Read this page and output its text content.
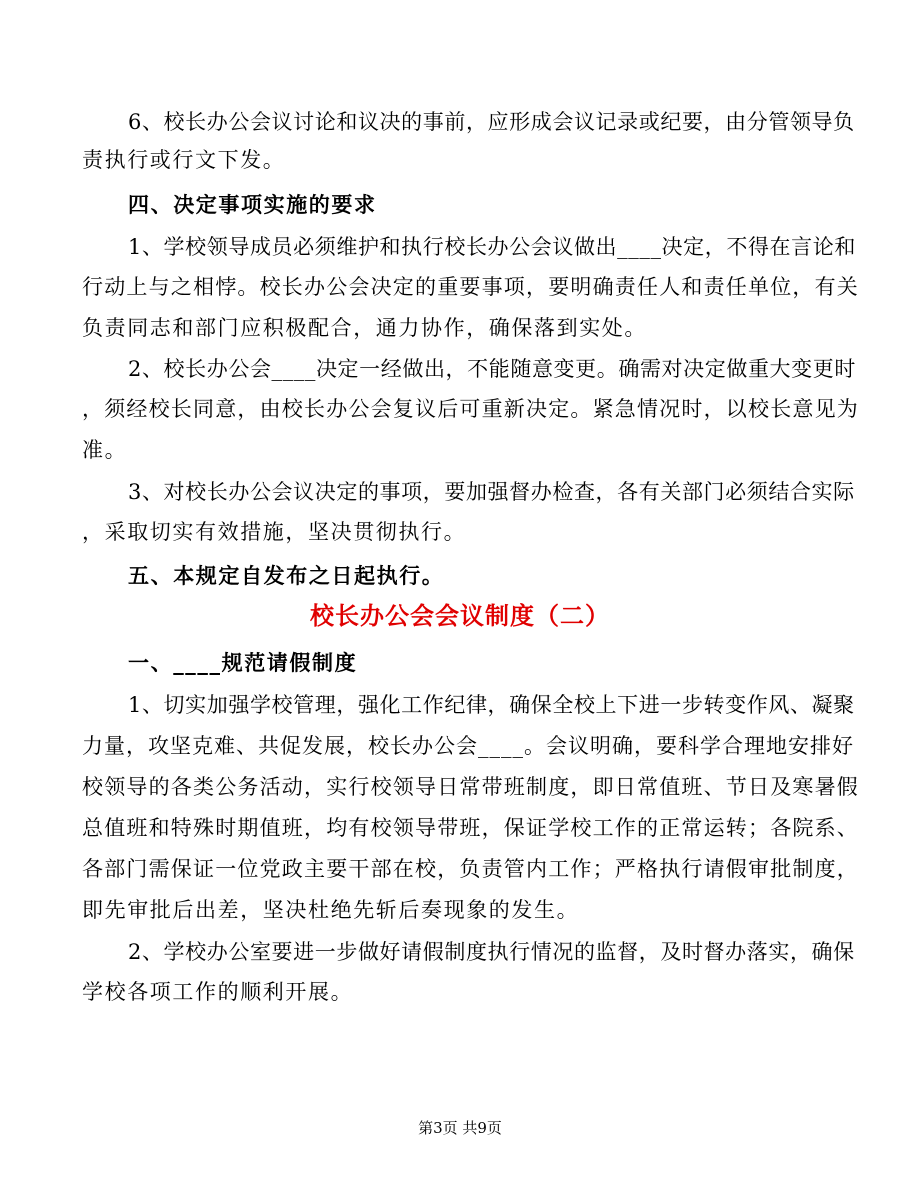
6、校长办公会议讨论和议决的事前，应形成会议记录或纪要，由分管领导负
责执行或行文下发。
四、决定事项实施的要求
1、学校领导成员必须维护和执行校长办公会议做出____决定，不得在言论和
行动上与之相悖。校长办公会决定的重要事项，要明确责任人和责任单位，有关
负责同志和部门应积极配合，通力协作，确保落到实处。
2、校长办公会____决定一经做出，不能随意变更。确需对决定做重大变更时
，须经校长同意，由校长办公会复议后可重新决定。紧急情况时，以校长意见为
准。
3、对校长办公会议决定的事项，要加强督办检查，各有关部门必须结合实际
，采取切实有效措施，坚决贯彻执行。
五、本规定自发布之日起执行。
校长办公会会议制度（二）
一、____规范请假制度
1、切实加强学校管理，强化工作纪律，确保全校上下进一步转变作风、凝聚
力量，攻坚克难、共促发展，校长办公会____。会议明确，要科学合理地安排好
校领导的各类公务活动，实行校领导日常带班制度，即日常值班、节日及寒暑假
总值班和特殊时期值班，均有校领导带班，保证学校工作的正常运转；各院系、
各部门需保证一位党政主要干部在校，负责管内工作；严格执行请假审批制度，
即先审批后出差，坚决杜绝先斩后奏现象的发生。
2、学校办公室要进一步做好请假制度执行情况的监督，及时督办落实，确保
学校各项工作的顺利开展。
第3页 共9页
